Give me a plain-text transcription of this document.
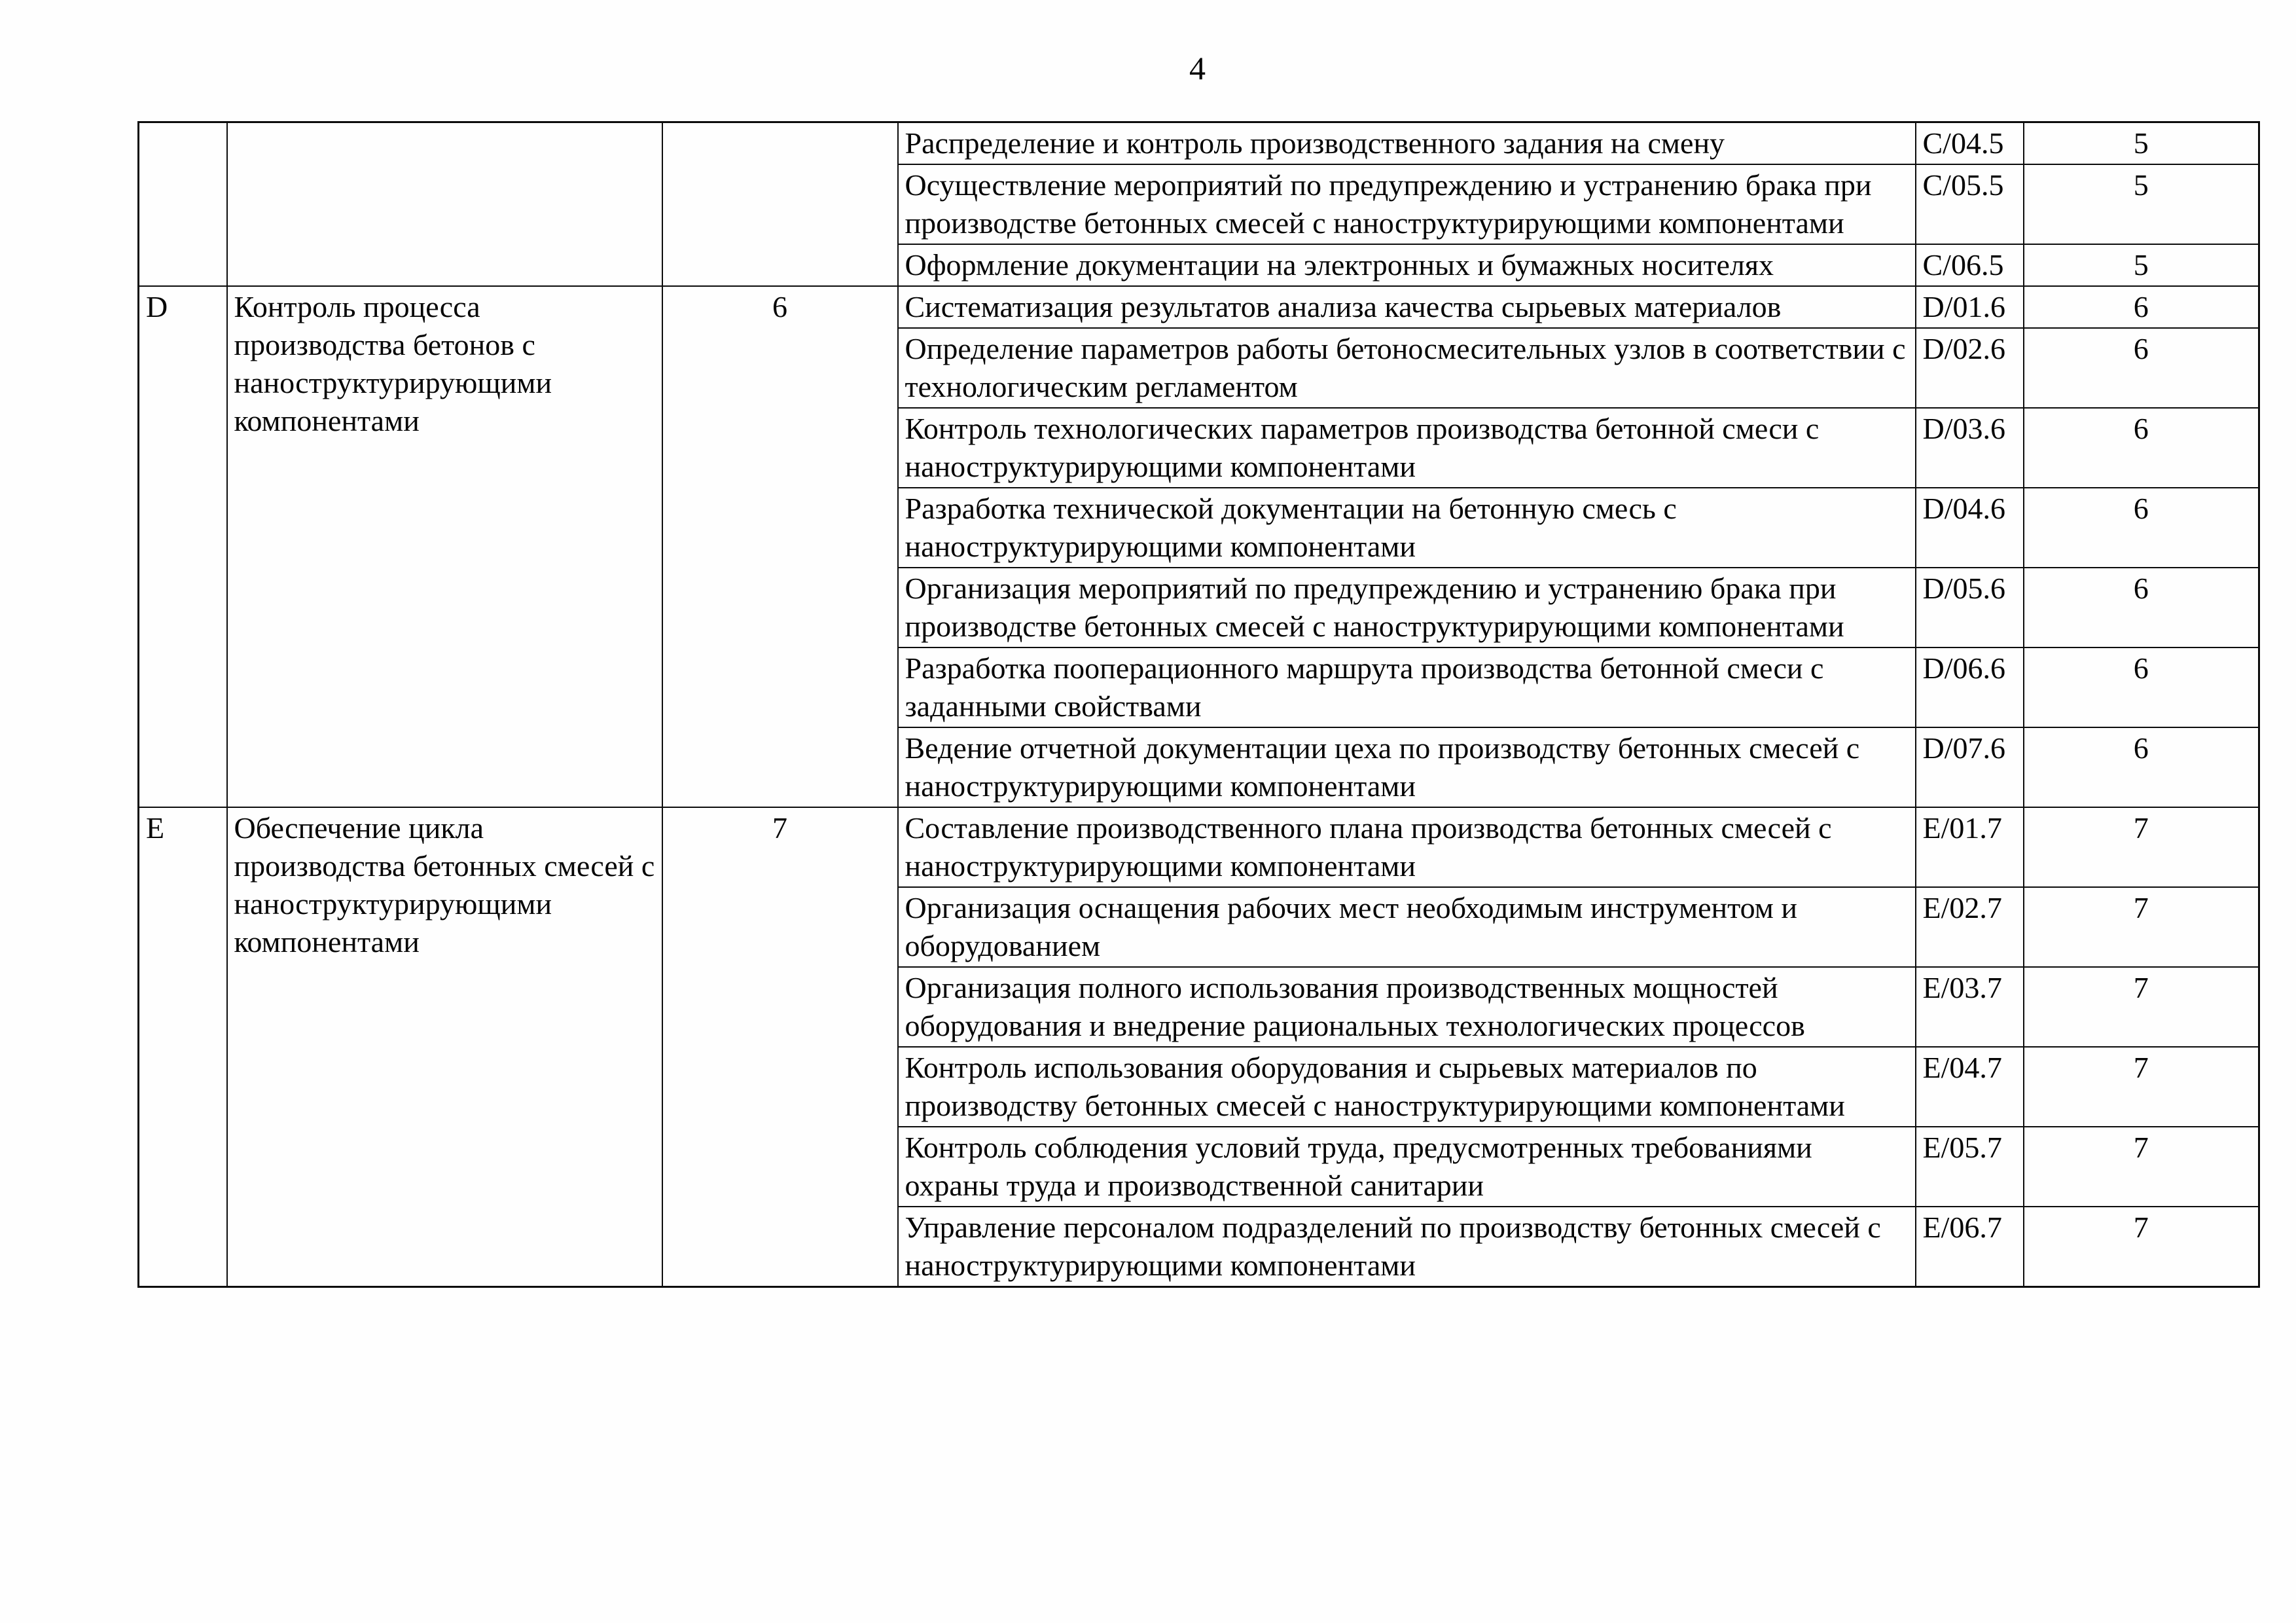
4
			Распределение и контроль производственного задания на смену	C/04.5	5
			Осуществление мероприятий по предупреждению и устранению брака при производстве бетонных смесей с наноструктурирующими компонентами	C/05.5	5
			Оформление документации на электронных и бумажных носителях	C/06.5	5
D	Контроль процесса производства бетонов с наноструктурирующими компонентами	6	Систематизация результатов анализа качества сырьевых материалов	D/01.6	6
			Определение параметров работы бетоносмесительных узлов в соответствии с технологическим регламентом	D/02.6	6
			Контроль технологических параметров производства бетонной смеси с наноструктурирующими компонентами	D/03.6	6
			Разработка технической документации на бетонную смесь с наноструктурирующими компонентами	D/04.6	6
			Организация мероприятий по предупреждению и устранению брака при производстве бетонных смесей с наноструктурирующими компонентами	D/05.6	6
			Разработка пооперационного маршрута производства бетонной смеси с заданными свойствами	D/06.6	6
			Ведение отчетной документации цеха по производству бетонных смесей с наноструктурирующими компонентами	D/07.6	6
E	Обеспечение цикла производства бетонных смесей с наноструктурирующими компонентами	7	Составление производственного плана производства бетонных смесей с наноструктурирующими компонентами	E/01.7	7
			Организация оснащения рабочих мест необходимым инструментом и оборудованием	E/02.7	7
			Организация полного использования производственных мощностей оборудования и внедрение рациональных технологических процессов	E/03.7	7
			Контроль использования оборудования и сырьевых материалов по производству бетонных смесей с наноструктурирующими компонентами	E/04.7	7
			Контроль соблюдения условий труда, предусмотренных требованиями охраны труда и производственной санитарии	E/05.7	7
			Управление персоналом подразделений по производству бетонных смесей с наноструктурирующими компонентами	E/06.7	7
